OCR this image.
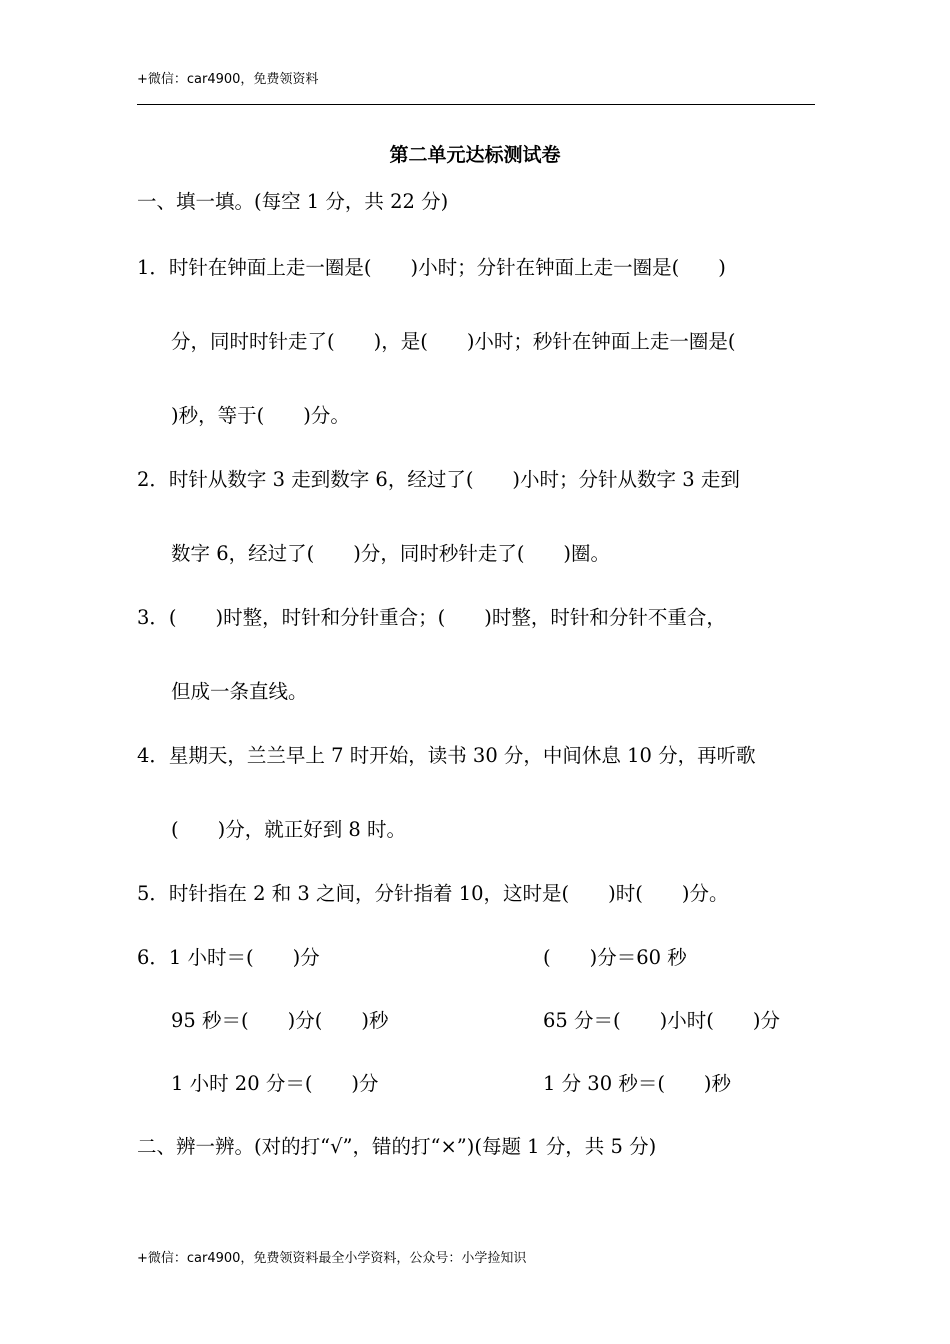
+微信：car4900，免费领资料
第二单元达标测试卷
一、填一填。(每空 1 分，共 22 分)
1．时针在钟面上走一圈是(　　)小时；分针在钟面上走一圈是(　　)
分，同时时针走了(　　)，是(　　)小时；秒针在钟面上走一圈是(
)秒，等于(　　)分。
2．时针从数字 3 走到数字 6，经过了(　　)小时；分针从数字 3 走到
数字 6，经过了(　　)分，同时秒针走了(　　)圈。
3．(　　)时整，时针和分针重合；(　　)时整，时针和分针不重合，
但成一条直线。
4．星期天，兰兰早上 7 时开始，读书 30 分，中间休息 10 分，再听歌
(　　)分，就正好到 8 时。
5．时针指在 2 和 3 之间，分针指着 10，这时是(　　)时(　　)分。
6．1 小时＝(　　)分	(　　)分＝60 秒
95 秒＝(　　)分(　　)秒	65 分＝(　　)小时(　　)分
1 小时 20 分＝(　　)分	1 分 30 秒＝(　　)秒
二、辨一辨。(对的打“√”，错的打“×”)(每题 1 分，共 5 分)
+微信：car4900，免费领资料最全小学资料，公众号：小学捡知识
